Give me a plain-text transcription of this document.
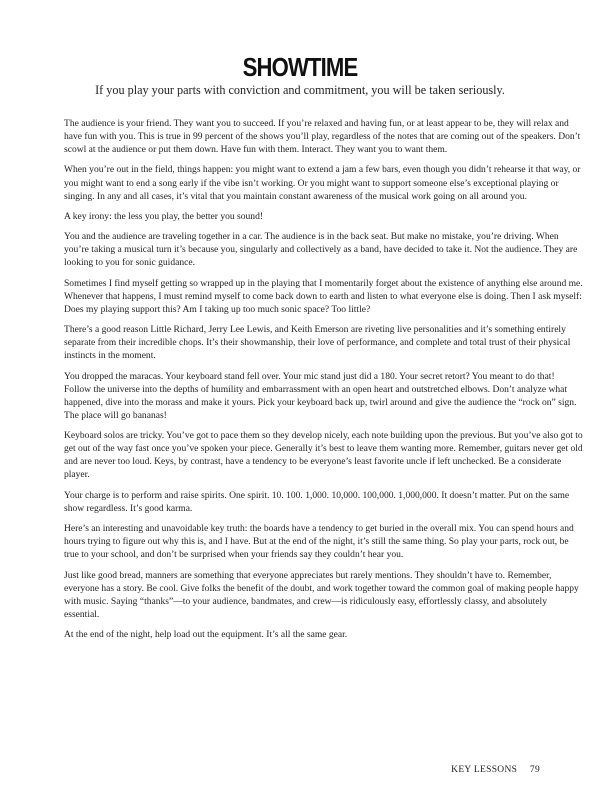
SHOWTIME
If you play your parts with conviction and commitment, you will be taken seriously.

The audience is your friend. They want you to succeed. If you’re relaxed and having fun, or at least appear to be, they will relax and have fun with you. This is true in 99 percent of the shows you’ll play, regardless of the notes that are coming out of the speakers. Don’t scowl at the audience or put them down. Have fun with them. Interact. They want you to want them.

When you’re out in the field, things happen: you might want to extend a jam a few bars, even though you didn’t rehearse it that way, or you might want to end a song early if the vibe isn’t working. Or you might want to support someone else’s exceptional playing or singing. In any and all cases, it’s vital that you maintain constant awareness of the musical work going on all around you.

A key irony: the less you play, the better you sound!

You and the audience are traveling together in a car. The audience is in the back seat. But make no mistake, you’re driving. When you’re taking a musical turn it’s because you, singularly and collectively as a band, have decided to take it. Not the audience. They are looking to you for sonic guidance.

Sometimes I find myself getting so wrapped up in the playing that I momentarily forget about the existence of anything else around me. Whenever that happens, I must remind myself to come back down to earth and listen to what everyone else is doing. Then I ask myself: Does my playing support this? Am I taking up too much sonic space? Too little?

There’s a good reason Little Richard, Jerry Lee Lewis, and Keith Emerson are riveting live personalities and it’s something entirely separate from their incredible chops. It’s their showmanship, their love of performance, and complete and total trust of their physical instincts in the moment.

You dropped the maracas. Your keyboard stand fell over. Your mic stand just did a 180. Your secret retort? You meant to do that! Follow the universe into the depths of humility and embarrassment with an open heart and outstretched elbows. Don’t analyze what happened, dive into the morass and make it yours. Pick your keyboard back up, twirl around and give the audience the “rock on” sign. The place will go bananas!

Keyboard solos are tricky. You’ve got to pace them so they develop nicely, each note building upon the previous. But you’ve also got to get out of the way fast once you’ve spoken your piece. Generally it’s best to leave them wanting more. Remember, guitars never get old and are never too loud. Keys, by contrast, have a tendency to be everyone’s least favorite uncle if left unchecked. Be a considerate player.

Your charge is to perform and raise spirits. One spirit. 10. 100. 1,000. 10,000. 100,000. 1,000,000. It doesn’t matter. Put on the same show regardless. It’s good karma.

Here’s an interesting and unavoidable key truth: the boards have a tendency to get buried in the overall mix. You can spend hours and hours trying to figure out why this is, and I have. But at the end of the night, it’s still the same thing. So play your parts, rock out, be true to your school, and don’t be surprised when your friends say they couldn’t hear you.

Just like good bread, manners are something that everyone appreciates but rarely mentions. They shouldn’t have to. Remember, everyone has a story. Be cool. Give folks the benefit of the doubt, and work together toward the common goal of making people happy with music. Saying “thanks”—to your audience, bandmates, and crew—is ridiculously easy, effortlessly classy, and absolutely essential.

At the end of the night, help load out the equipment. It’s all the same gear.

KEY LESSONS 79
